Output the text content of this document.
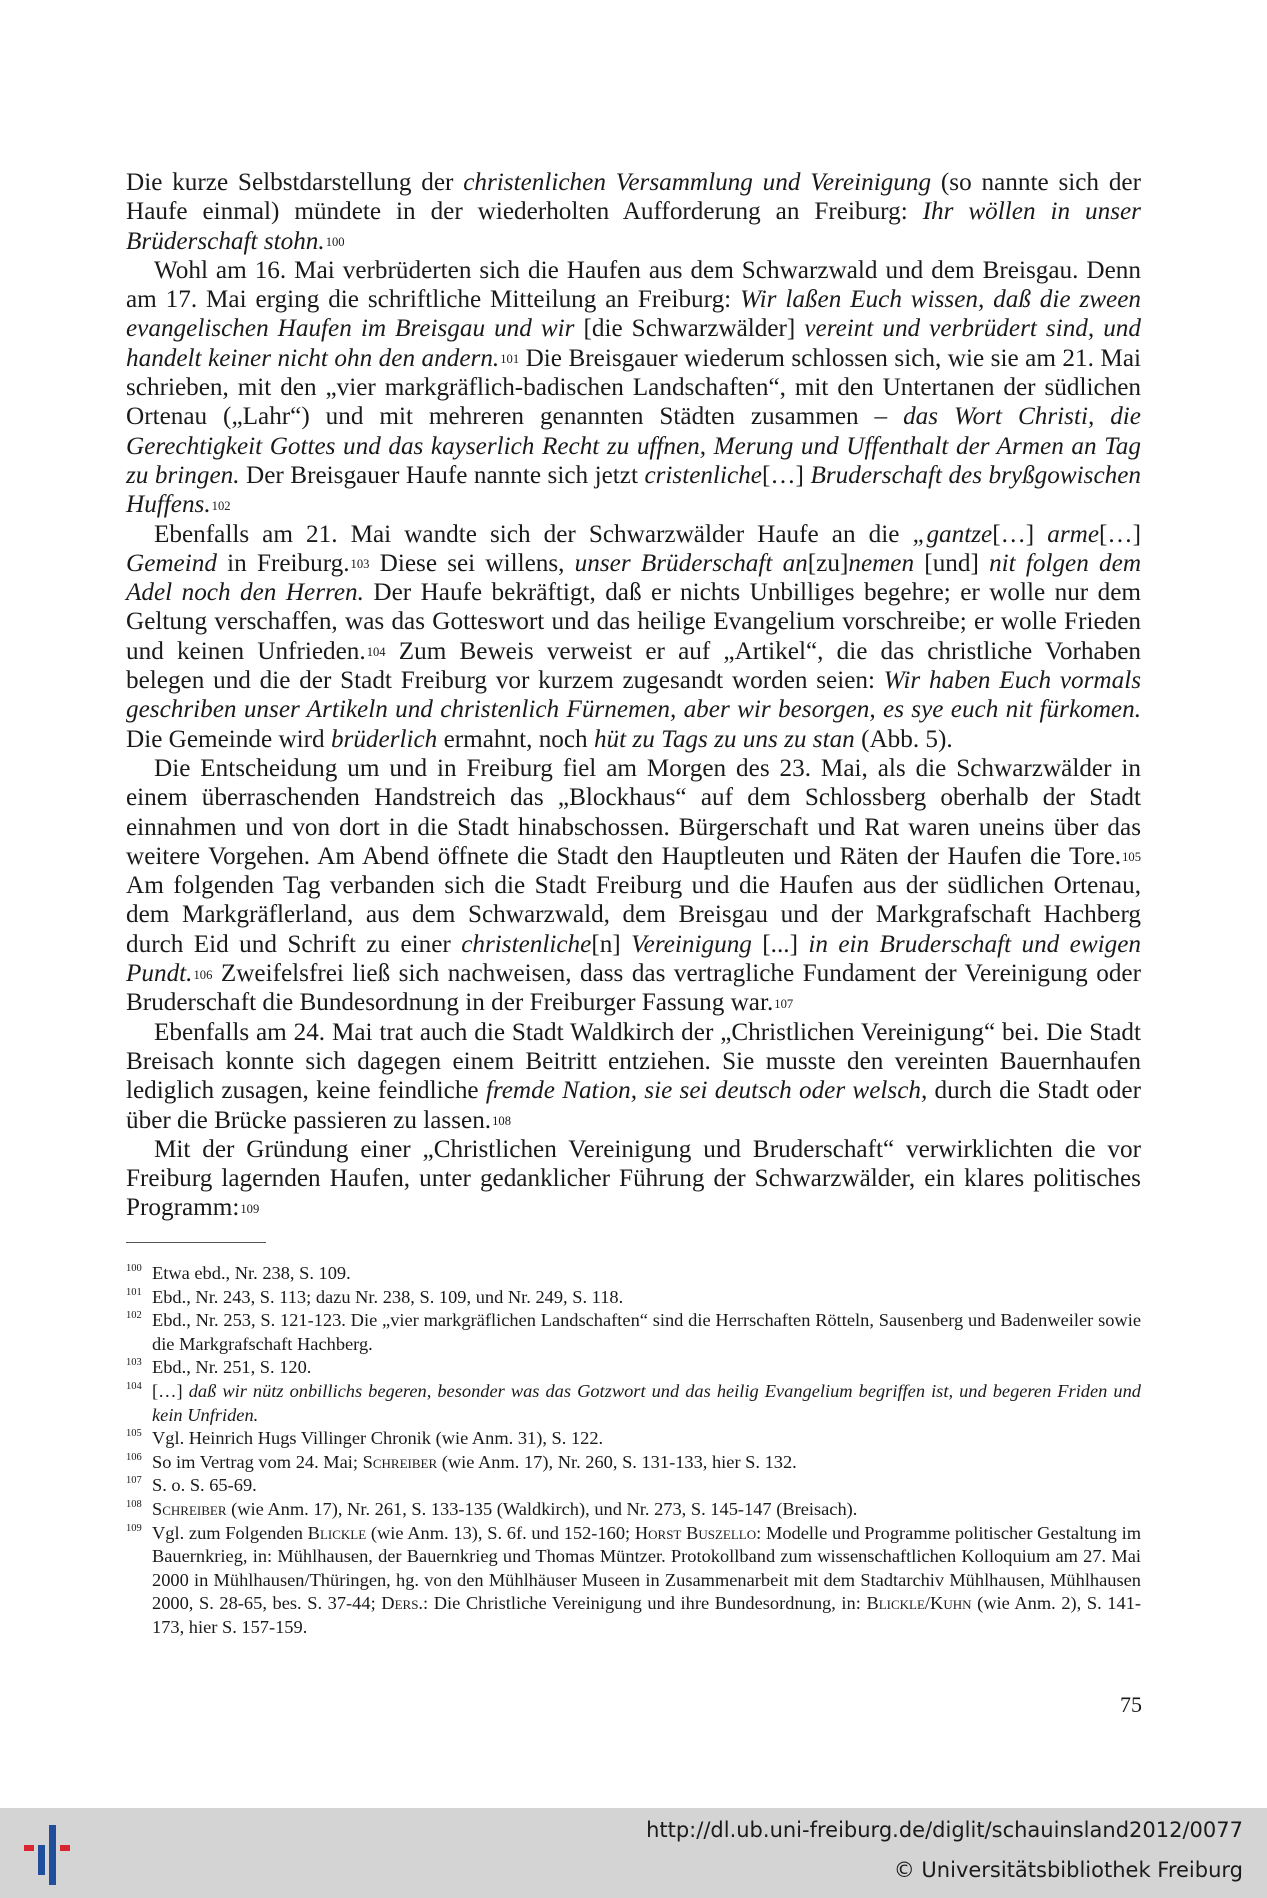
Die kurze Selbstdarstellung der christenlichen Versammlung und Vereinigung (so nannte sich der Haufe einmal) mündete in der wiederholten Aufforderung an Freiburg: Ihr wöllen in unser Brüderschaft stohn.$^{100}$

Wohl am 16. Mai verbrüderten sich die Haufen aus dem Schwarzwald und dem Breisgau. Denn am 17. Mai erging die schriftliche Mitteilung an Freiburg: Wir laßen Euch wissen, daß die zween evangelischen Haufen im Breisgau und wir [die Schwarzwälder] vereint und verbrüdert sind, und handelt keiner nicht ohn den andern.$^{101}$ Die Breisgauer wiederum schlossen sich, wie sie am 21. Mai schrieben, mit den „vier markgräflich-badischen Landschaften“, mit den Untertanen der südlichen Ortenau („Lahr“) und mit mehreren genannten Städten zusammen – das Wort Christi, die Gerechtigkeit Gottes und das kayserlich Recht zu uffnen, Merung und Uffenthalt der Armen an Tag zu bringen. Der Breisgauer Haufe nannte sich jetzt cristenliche[…] Bruderschaft des bryßgowischen Huffens.$^{102}$

Ebenfalls am 21. Mai wandte sich der Schwarzwälder Haufe an die „gantze[…] arme[…] Gemeind in Freiburg.$^{103}$ Diese sei willens, unser Brüderschaft an[zu]nemen [und] nit folgen dem Adel noch den Herren. Der Haufe bekräftigt, daß er nichts Unbilliges begehre; er wolle nur dem Geltung verschaffen, was das Gotteswort und das heilige Evangelium vorschreibe; er wolle Frieden und keinen Unfrieden.$^{104}$ Zum Beweis verweist er auf „Artikel“, die das christliche Vorhaben belegen und die der Stadt Freiburg vor kurzem zugesandt worden seien: Wir haben Euch vormals geschriben unser Artikeln und christenlich Fürnemen, aber wir besorgen, es sye euch nit fürkomen. Die Gemeinde wird brüderlich ermahnt, noch hüt zu Tags zu uns zu stan (Abb. 5).

Die Entscheidung um und in Freiburg fiel am Morgen des 23. Mai, als die Schwarzwälder in einem überraschenden Handstreich das „Blockhaus“ auf dem Schlossberg oberhalb der Stadt einnahmen und von dort in die Stadt hinabschossen. Bürgerschaft und Rat waren uneins über das weitere Vorgehen. Am Abend öffnete die Stadt den Hauptleuten und Räten der Haufen die Tore.$^{105}$ Am folgenden Tag verbanden sich die Stadt Freiburg und die Haufen aus der südlichen Ortenau, dem Markgräflerland, aus dem Schwarzwald, dem Breisgau und der Markgrafschaft Hachberg durch Eid und Schrift zu einer christenliche[n] Vereinigung [...] in ein Bruderschaft und ewigen Pundt.$^{106}$ Zweifelsfrei ließ sich nachweisen, dass das vertragliche Fundament der Vereinigung oder Bruderschaft die Bundesordnung in der Freiburger Fassung war.$^{107}$

Ebenfalls am 24. Mai trat auch die Stadt Waldkirch der „Christlichen Vereinigung“ bei. Die Stadt Breisach konnte sich dagegen einem Beitritt entziehen. Sie musste den vereinten Bauernhaufen lediglich zusagen, keine feindliche fremde Nation, sie sei deutsch oder welsch, durch die Stadt oder über die Brücke passieren zu lassen.$^{108}$

Mit der Gründung einer „Christlichen Vereinigung und Bruderschaft“ verwirklichten die vor Freiburg lagernden Haufen, unter gedanklicher Führung der Schwarzwälder, ein klares politisches Programm:$^{109}$

100 Etwa ebd., Nr. 238, S. 109.

101 Ebd., Nr. 243, S. 113; dazu Nr. 238, S. 109, und Nr. 249, S. 118.

102 Ebd., Nr. 253, S. 121-123. Die „vier markgräflichen Landschaften“ sind die Herrschaften Rötteln, Sausenberg und Badenweiler sowie die Markgrafschaft Hachberg.

103 Ebd., Nr. 251, S. 120.

104 […] daß wir nütz onbillichs begeren, besonder was das Gotzwort und das heilig Evangelium begriffen ist, und begeren Friden und kein Unfriden.

105 Vgl. Heinrich Hugs Villinger Chronik (wie Anm. 31), S. 122.

106 So im Vertrag vom 24. Mai; Schreiber (wie Anm. 17), Nr. 260, S. 131-133, hier S. 132.

107 S. o. S. 65-69.

108 Schreiber (wie Anm. 17), Nr. 261, S. 133-135 (Waldkirch), und Nr. 273, S. 145-147 (Breisach).

109 Vgl. zum Folgenden Blickle (wie Anm. 13), S. 6f. und 152-160; Horst Buszello: Modelle und Programme politischer Gestaltung im Bauernkrieg, in: Mühlhausen, der Bauernkrieg und Thomas Müntzer. Protokollband zum wissenschaftlichen Kolloquium am 27. Mai 2000 in Mühlhausen/Thüringen, hg. von den Mühlhäuser Museen in Zusammenarbeit mit dem Stadtarchiv Mühlhausen, Mühlhausen 2000, S. 28-65, bes. S. 37-44; Ders.: Die Christliche Vereinigung und ihre Bundesordnung, in: Blickle/Kuhn (wie Anm. 2), S. 141-173, hier S. 157-159.

75
http://dl.ub.uni-freiburg.de/diglit/schauinsland2012/0077
© Universitätsbibliothek Freiburg
